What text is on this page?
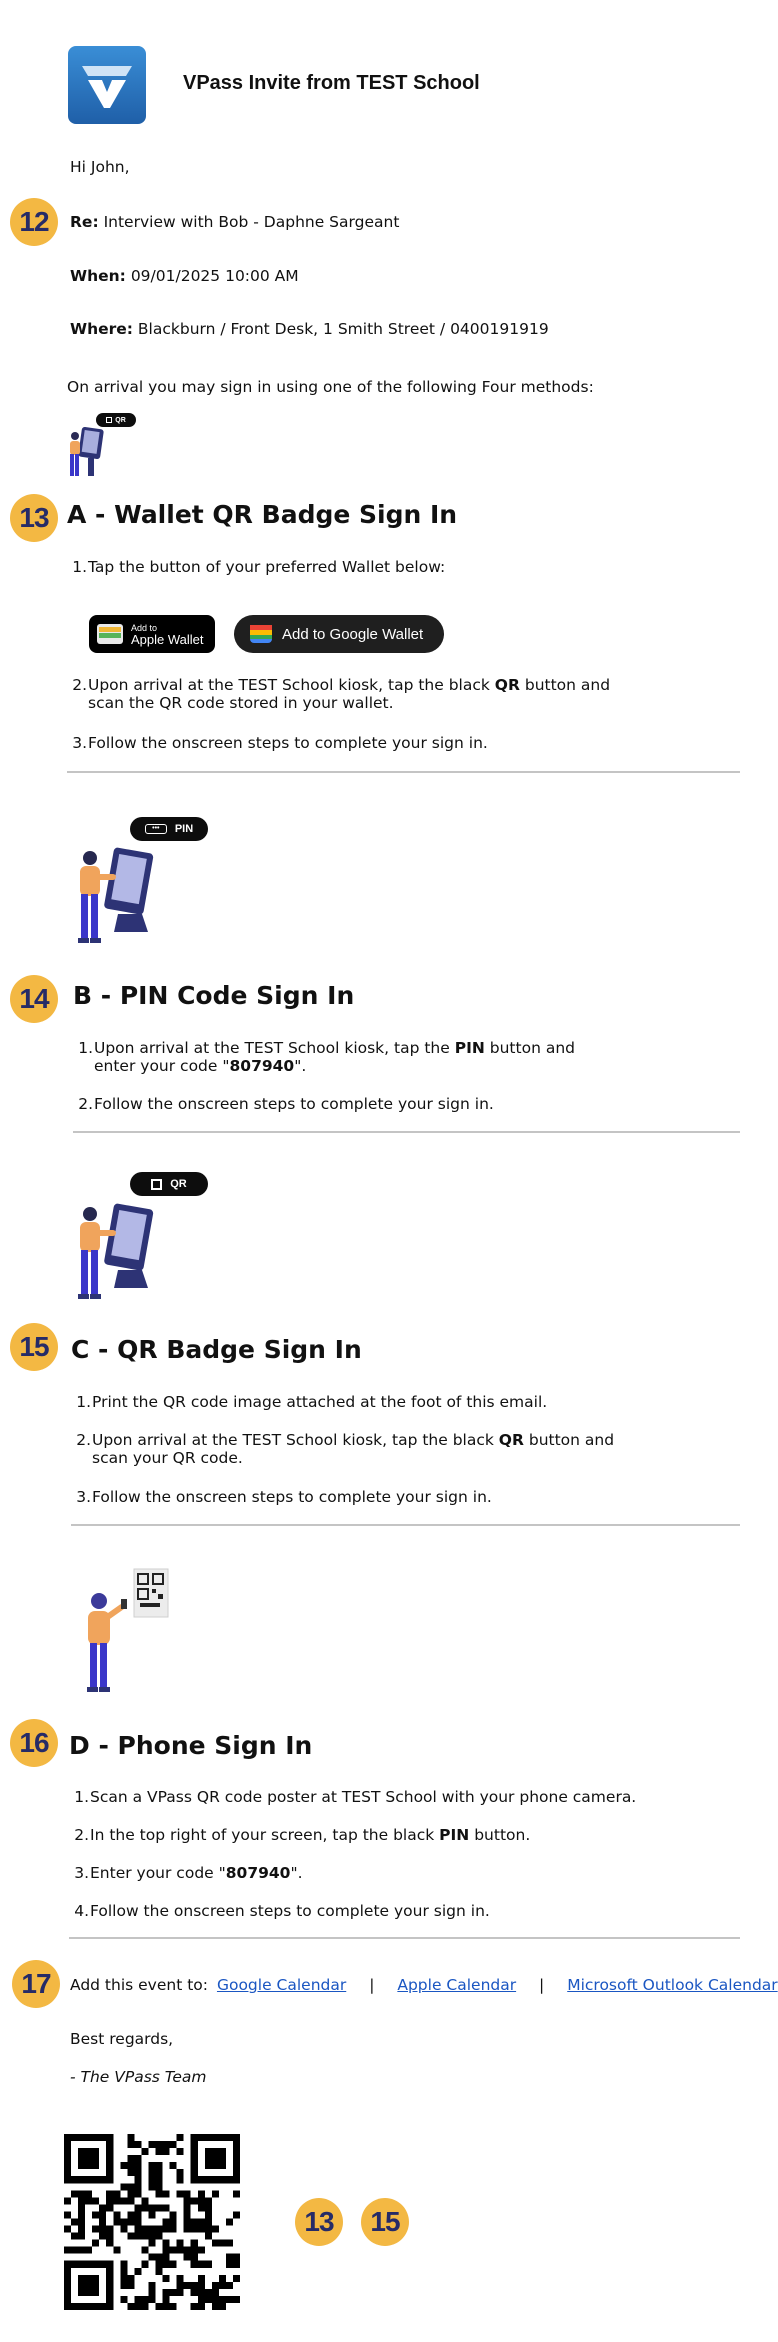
VPass Invite from TEST School
Hi John,
12	Re: Interview with Bob - Daphne Sargeant
When: 09/01/2025 10:00 AM
Where: Blackburn / Front Desk, 1 Smith Street / 0400191919
On arrival you may sign in using one of the following Four methods:
QR
13 A - Wallet QR Badge Sign In
1. Tap the button of your preferred Wallet below:
Add to
Apple Wallet	Add to Google Wallet
2. Upon arrival at the TEST School kiosk, tap the black QR button and
scan the QR code stored in your wallet.
3. Follow the onscreen steps to complete your sign in.
•••	PIN
14 B - PIN Code Sign In
1. Upon arrival at the TEST School kiosk, tap the PIN button and
enter your code "807940".
2. Follow the onscreen steps to complete your sign in.
QR
15 C - QR Badge Sign In
1. Print the QR code image attached at the foot of this email.
2. Upon arrival at the TEST School kiosk, tap the black QR button and
scan your QR code.
3. Follow the onscreen steps to complete your sign in.
16 D - Phone Sign In
1. Scan a VPass QR code poster at TEST School with your phone camera.
2. In the top right of your screen, tap the black PIN button.
3. Enter your code "807940".
4. Follow the onscreen steps to complete your sign in.
17	Add this event to: Google Calendar | Apple Calendar | Microsoft Outlook Calendar
Best regards,
- The VPass Team
13	15
